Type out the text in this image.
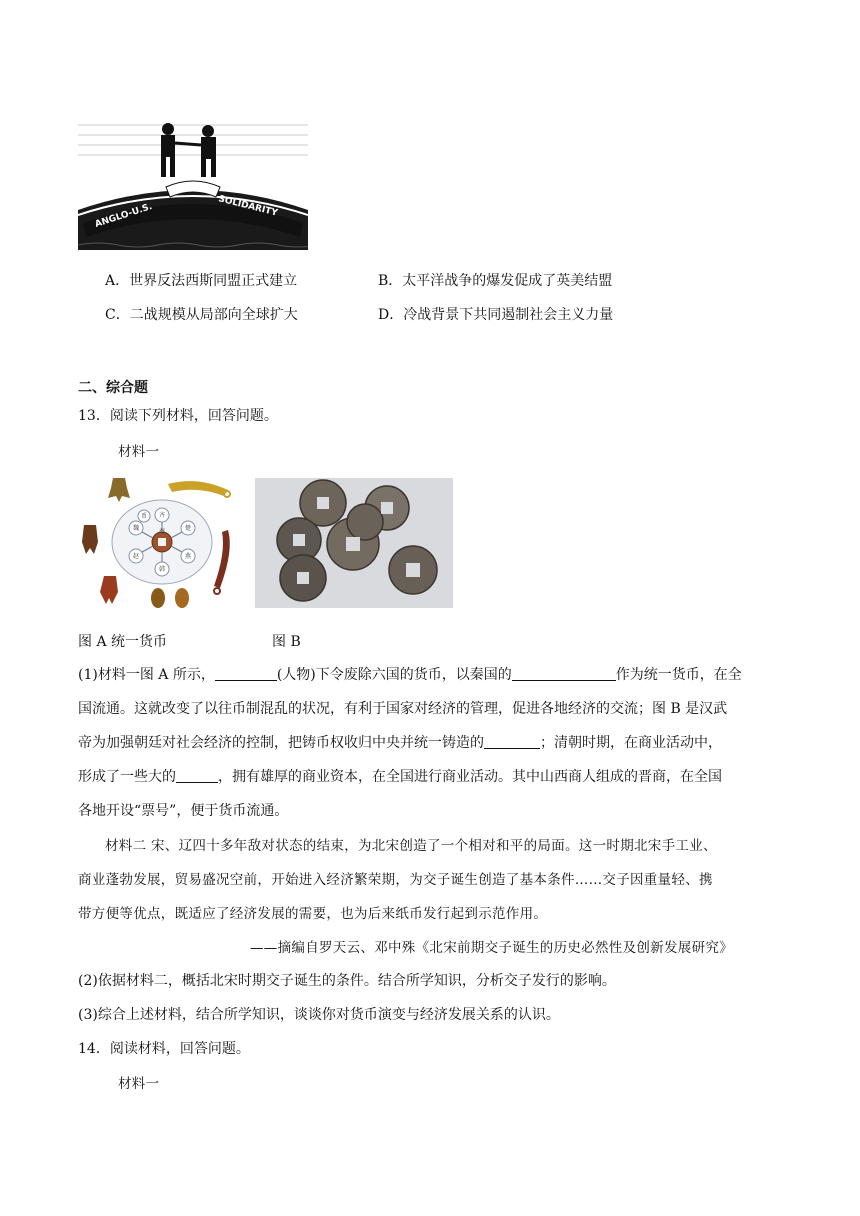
ANGLO-U.S.	SOLIDARITY
A．世界反法西斯同盟正式建立	B．太平洋战争的爆发促成了英美结盟
C．二战规模从局部向全球扩大	D．冷战背景下共同遏制社会主义力量
二、综合题
13．阅读下列材料，回答问题。
材料一
秦
齐
楚
燕
韩
赵
魏
币
图 A 统一货币	图 B
(1)材料一图 A 所示，	(人物)下令废除六国的货币，以秦国的	作为统一货币，在全
国流通。这就改变了以往币制混乱的状况，有利于国家对经济的管理，促进各地经济的交流；图 B 是汉武
帝为加强朝廷对社会经济的控制，把铸币权收归中央并统一铸造的	；清朝时期，在商业活动中，
形成了一些大的	，拥有雄厚的商业资本，在全国进行商业活动。其中山西商人组成的晋商，在全国
各地开设“票号”，便于货币流通。
材料二 宋、辽四十多年敌对状态的结束，为北宋创造了一个相对和平的局面。这一时期北宋手工业、
商业蓬勃发展，贸易盛况空前，开始进入经济繁荣期，为交子诞生创造了基本条件……交子因重量轻、携
带方便等优点，既适应了经济发展的需要，也为后来纸币发行起到示范作用。
——摘编自罗天云、邓中殊《北宋前期交子诞生的历史必然性及创新发展研究》
(2)依据材料二，概括北宋时期交子诞生的条件。结合所学知识，分析交子发行的影响。
(3)综合上述材料，结合所学知识，谈谈你对货币演变与经济发展关系的认识。
14．阅读材料，回答问题。
材料一
